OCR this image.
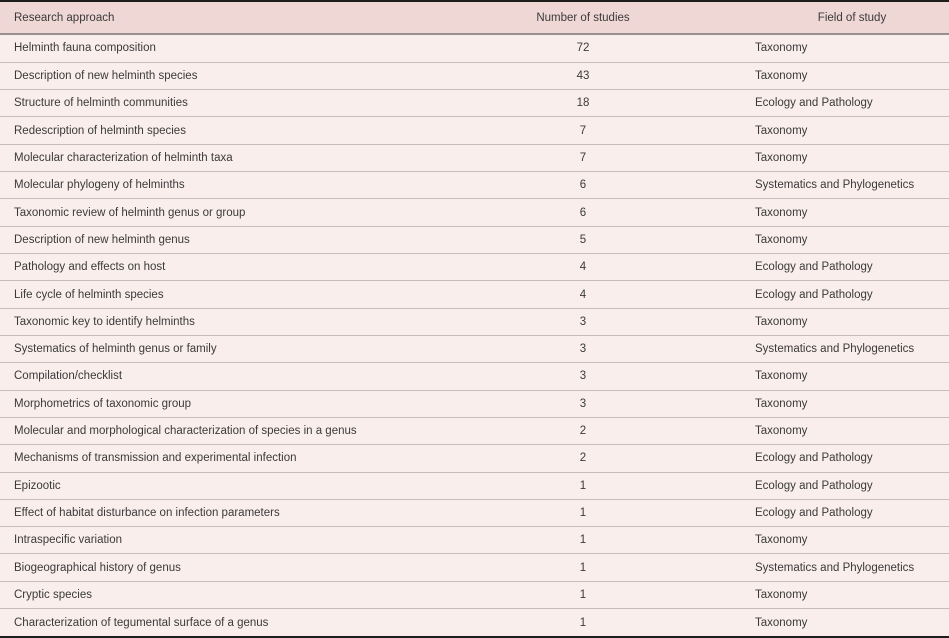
Research approach	Number of studies	Field of study
Helminth fauna composition	72	Taxonomy
Description of new helminth species	43	Taxonomy
Structure of helminth communities	18	Ecology and Pathology
Redescription of helminth species	7	Taxonomy
Molecular characterization of helminth taxa	7	Taxonomy
Molecular phylogeny of helminths	6	Systematics and Phylogenetics
Taxonomic review of helminth genus or group	6	Taxonomy
Description of new helminth genus	5	Taxonomy
Pathology and effects on host	4	Ecology and Pathology
Life cycle of helminth species	4	Ecology and Pathology
Taxonomic key to identify helminths	3	Taxonomy
Systematics of helminth genus or family	3	Systematics and Phylogenetics
Compilation/checklist	3	Taxonomy
Morphometrics of taxonomic group	3	Taxonomy
Molecular and morphological characterization of species in a genus	2	Taxonomy
Mechanisms of transmission and experimental infection	2	Ecology and Pathology
Epizootic	1	Ecology and Pathology
Effect of habitat disturbance on infection parameters	1	Ecology and Pathology
Intraspecific variation	1	Taxonomy
Biogeographical history of genus	1	Systematics and Phylogenetics
Cryptic species	1	Taxonomy
Characterization of tegumental surface of a genus	1	Taxonomy
